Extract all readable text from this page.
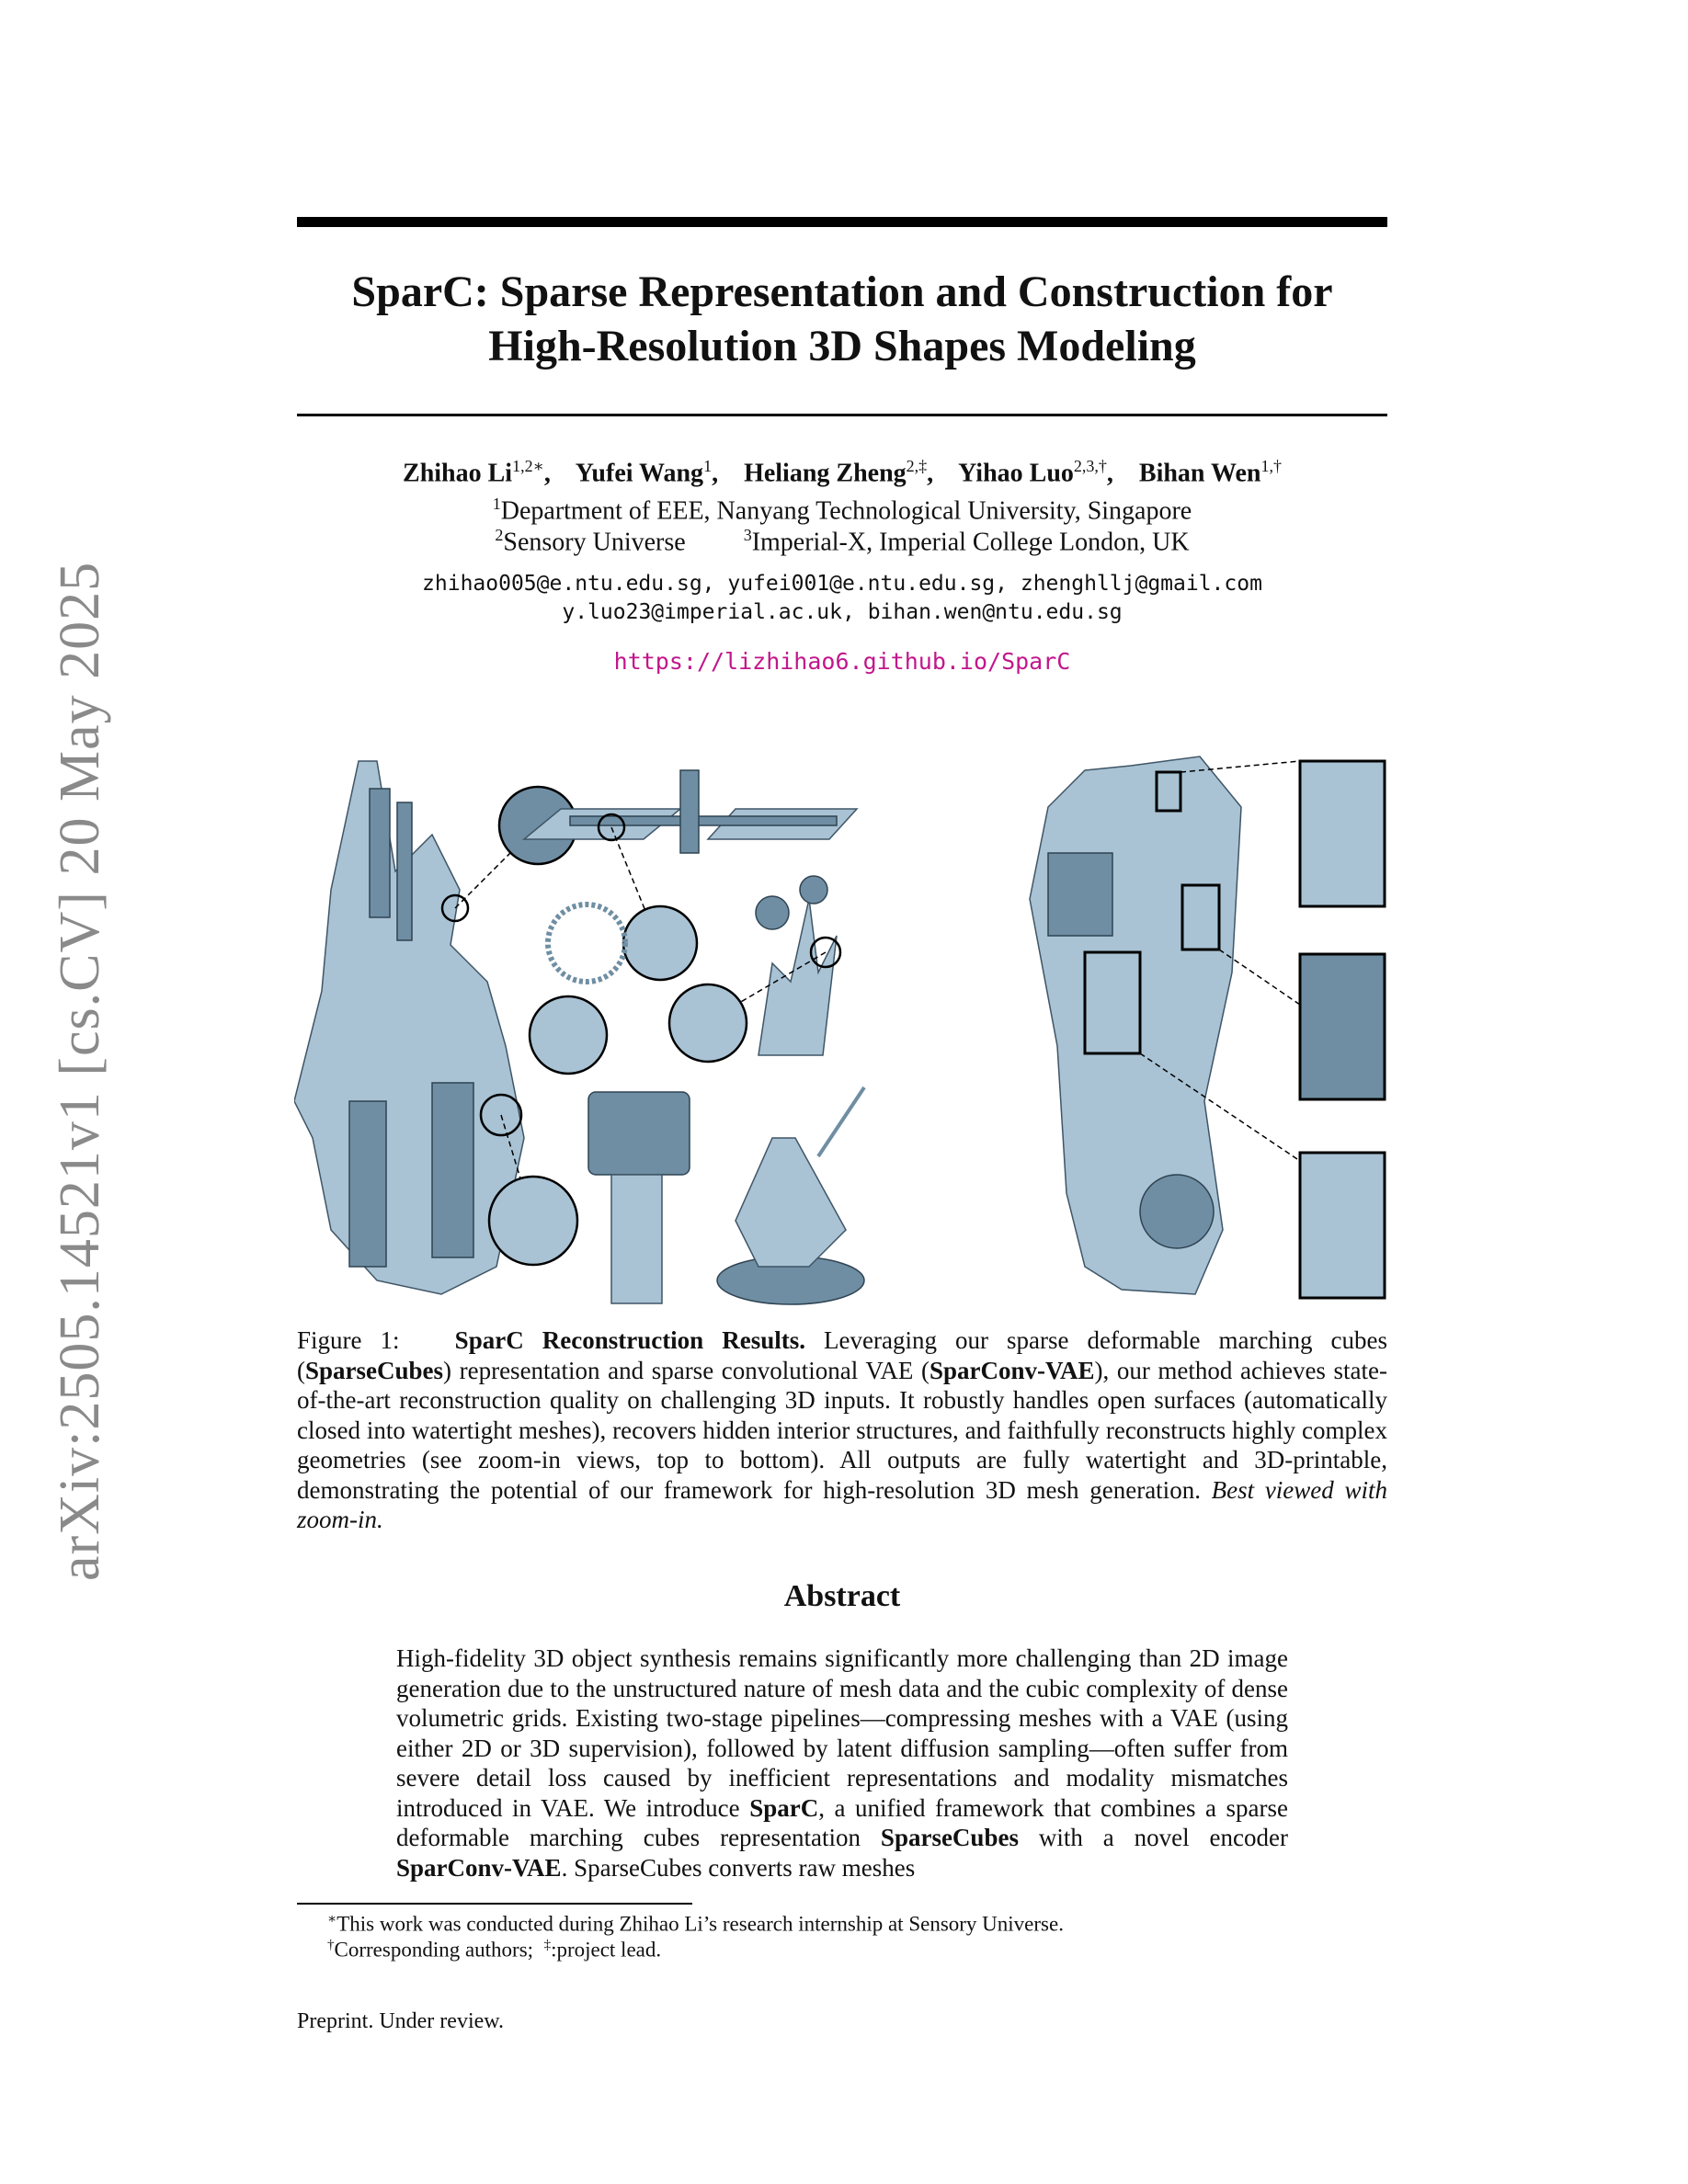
arXiv:2505.14521v1 [cs.CV] 20 May 2025
SparC: Sparse Representation and Construction for
High-Resolution 3D Shapes Modeling
Zhihao $Li^{1,2∗}$,    Yufei Wang$^1$,    Heliang Zheng$^{2,\ddagger}$,    Yihao Luo$^{2,3,\dagger}$,    Bihan Wen$^{1,\dagger}$
$^1$Department of EEE, Nanyang Technological University, Singapore
$^2$Sensory Universe	$^3$Imperial-X, Imperial College London, UK
zhihao005@e.ntu.edu.sg, yufei001@e.ntu.edu.sg, zhenghllj@gmail.com
y.luo23@imperial.ac.uk, bihan.wen@ntu.edu.sg
https://lizhihao6.github.io/SparC
Figure 1: SparC Reconstruction Results. Leveraging our sparse deformable marching cubes (SparseCubes) representation and sparse convolutional VAE (SparConv-VAE), our method achieves state-of-the-art reconstruction quality on challenging 3D inputs. It robustly handles open surfaces (automatically closed into watertight meshes), recovers hidden interior structures, and faithfully reconstructs highly complex geometries (see zoom-in views, top to bottom). All outputs are fully watertight and 3D-printable, demonstrating the potential of our framework for high-resolution 3D mesh generation. Best viewed with zoom-in.
Abstract
High-fidelity 3D object synthesis remains significantly more challenging than 2D image generation due to the unstructured nature of mesh data and the cubic complexity of dense volumetric grids. Existing two-stage pipelines—compressing meshes with a VAE (using either 2D or 3D supervision), followed by latent diffusion sampling—often suffer from severe detail loss caused by inefficient representations and modality mismatches introduced in VAE. We introduce SparC, a unified framework that combines a sparse deformable marching cubes representation SparseCubes with a novel encoder SparConv-VAE. SparseCubes converts raw meshes
∗This work was conducted during Zhihao Li’s research internship at Sensory Universe.
†Corresponding authors; ‡:project lead.
Preprint. Under review.
